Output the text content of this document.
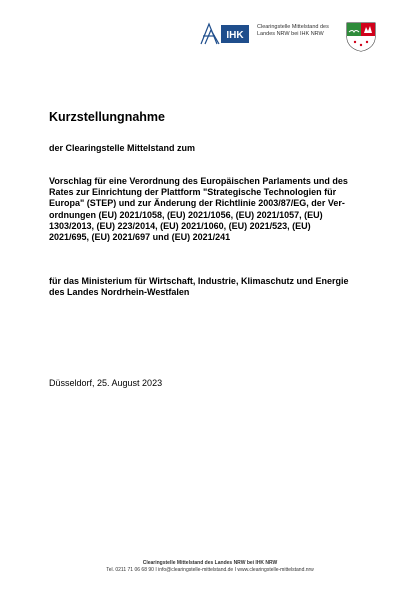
IHK
Clearingstelle Mittelstand des
Landes NRW bei IHK NRW
Kurzstellungnahme
der Clearingstelle Mittelstand zum
Vorschlag für eine Verordnung des Europäischen Parlaments und des
Rates zur Einrichtung der Plattform "Strategische Technologien für
Europa" (STEP) und zur Änderung der Richtlinie 2003/87/EG, der Ver-
ordnungen (EU) 2021/1058, (EU) 2021/1056, (EU) 2021/1057, (EU)
1303/2013, (EU) 223/2014, (EU) 2021/1060, (EU) 2021/523, (EU)
2021/695, (EU) 2021/697 und (EU) 2021/241
für das Ministerium für Wirtschaft, Industrie, Klimaschutz und Energie
des Landes Nordrhein-Westfalen
Düsseldorf, 25. August 2023
Clearingstelle Mittelstand des Landes NRW bei IHK NRW
Tel. 0211 71 06 68 90 I info@clearingstelle-mittelstand.de I www.clearingstelle-mittelstand.nrw
